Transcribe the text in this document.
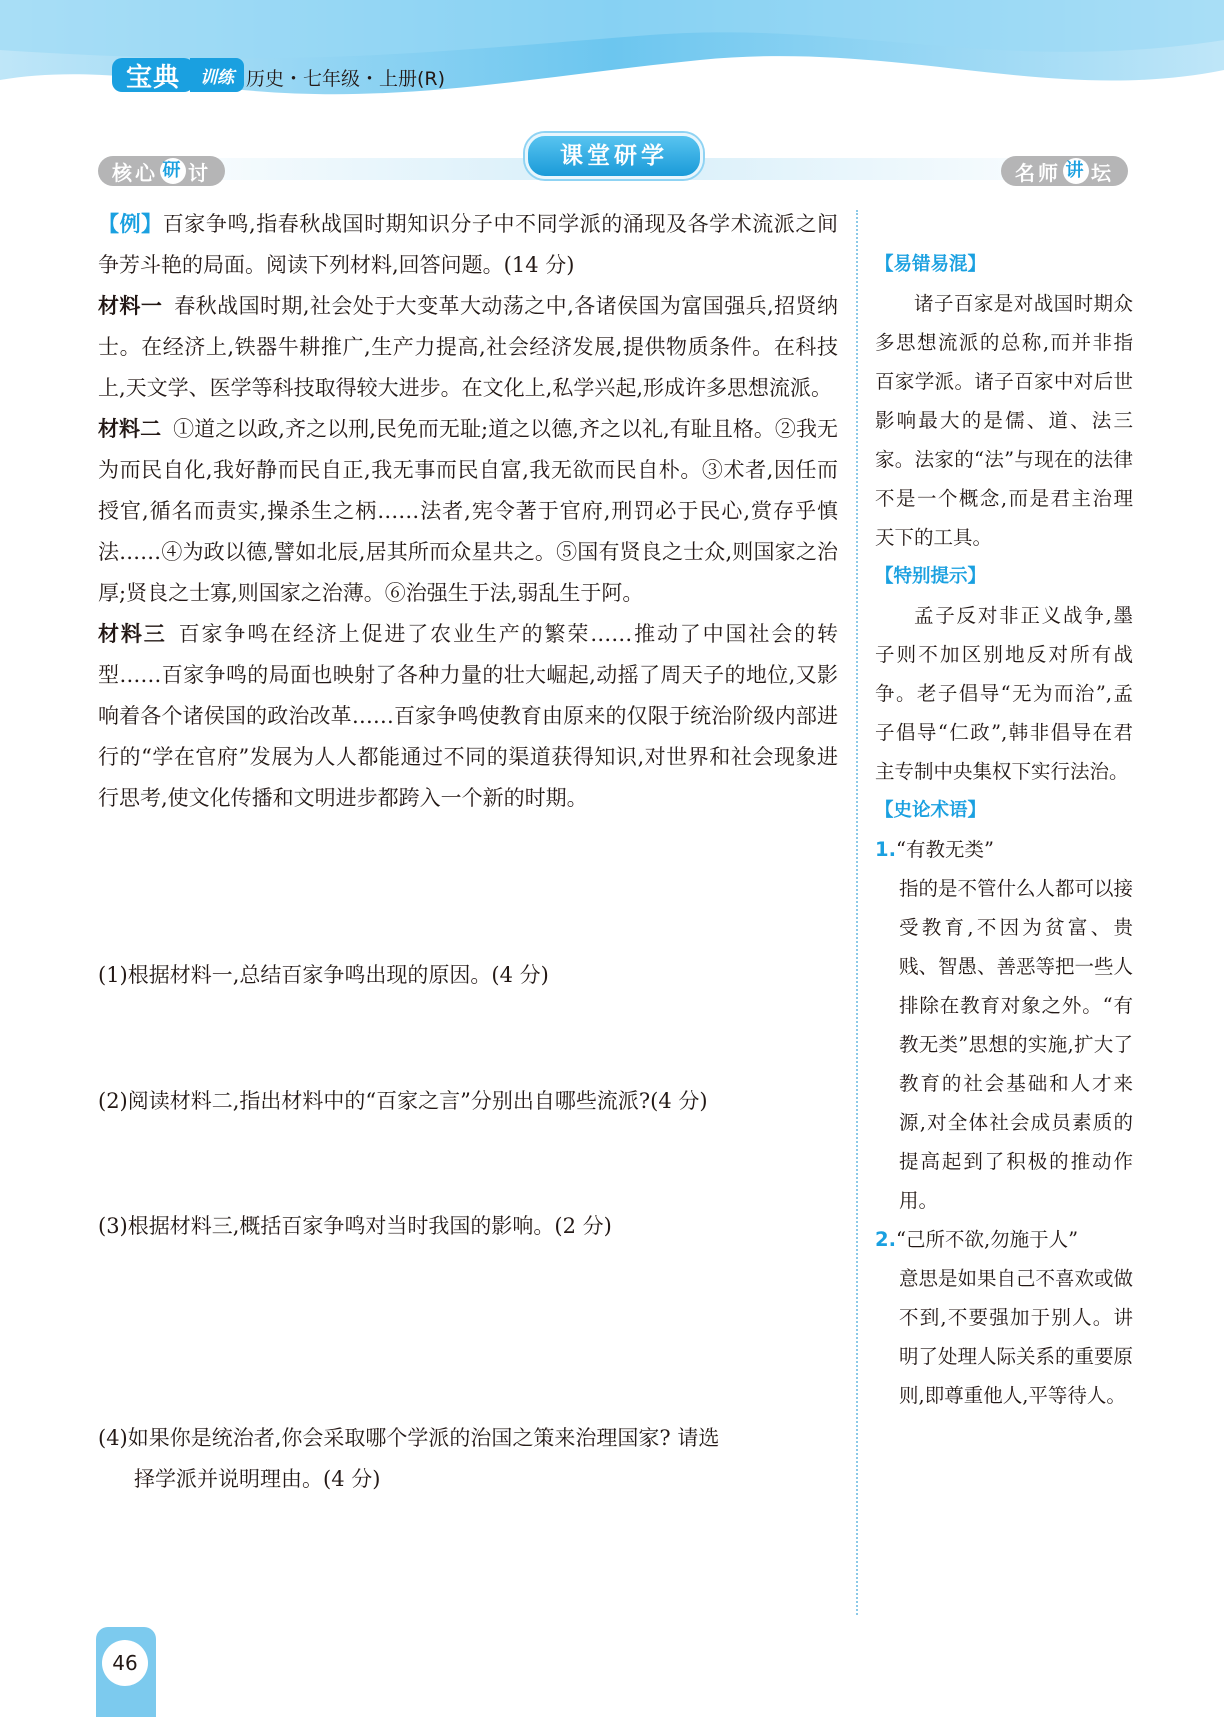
宝典	训练 历史・七年级・上册(R)
核心 研 讨
课堂研学
名师 讲 坛

【例】百家争鸣,指春秋战国时期知识分子中不同学派的涌现及各学术流派之间争芳斗艳的局面。阅读下列材料,回答问题。(14 分)

材料一 春秋战国时期,社会处于大变革大动荡之中,各诸侯国为富国强兵,招贤纳士。在经济上,铁器牛耕推广,生产力提高,社会经济发展,提供物质条件。在科技上,天文学、医学等科技取得较大进步。在文化上,私学兴起,形成许多思想流派。

材料二 ①道之以政,齐之以刑,民免而无耻;道之以德,齐之以礼,有耻且格。②我无为而民自化,我好静而民自正,我无事而民自富,我无欲而民自朴。③术者,因任而授官,循名而责实,操杀生之柄……法者,宪令著于官府,刑罚必于民心,赏存乎慎法……④为政以德,譬如北辰,居其所而众星共之。⑤国有贤良之士众,则国家之治厚;贤良之士寡,则国家之治薄。⑥治强生于法,弱乱生于阿。

材料三 百家争鸣在经济上促进了农业生产的繁荣……推动了中国社会的转型……百家争鸣的局面也映射了各种力量的壮大崛起,动摇了周天子的地位,又影响着各个诸侯国的政治改革……百家争鸣使教育由原来的仅限于统治阶级内部进行的“学在官府”发展为人人都能通过不同的渠道获得知识,对世界和社会现象进行思考,使文化传播和文明进步都跨入一个新的时期。

(1)根据材料一,总结百家争鸣出现的原因。(4 分)
(2)阅读材料二,指出材料中的“百家之言”分别出自哪些流派?(4 分)
(3)根据材料三,概括百家争鸣对当时我国的影响。(2 分)
(4)如果你是统治者,你会采取哪个学派的治国之策来治理国家? 请选
择学派并说明理由。(4 分)

【易错易混】

诸子百家是对战国时期众多思想流派的总称,而并非指百家学派。诸子百家中对后世影响最大的是儒、道、法三家。法家的“法”与现在的法律不是一个概念,而是君主治理天下的工具。

【特别提示】

孟子反对非正义战争,墨子则不加区别地反对所有战争。老子倡导“无为而治”,孟子倡导“仁政”,韩非倡导在君主专制中央集权下实行法治。

【史论术语】

1.“有教无类”

指的是不管什么人都可以接受教育,不因为贫富、贵贱、智愚、善恶等把一些人排除在教育对象之外。“有教无类”思想的实施,扩大了教育的社会基础和人才来源,对全体社会成员素质的提高起到了积极的推动作用。

2.“己所不欲,勿施于人”

意思是如果自己不喜欢或做不到,不要强加于别人。讲明了处理人际关系的重要原则,即尊重他人,平等待人。

46
